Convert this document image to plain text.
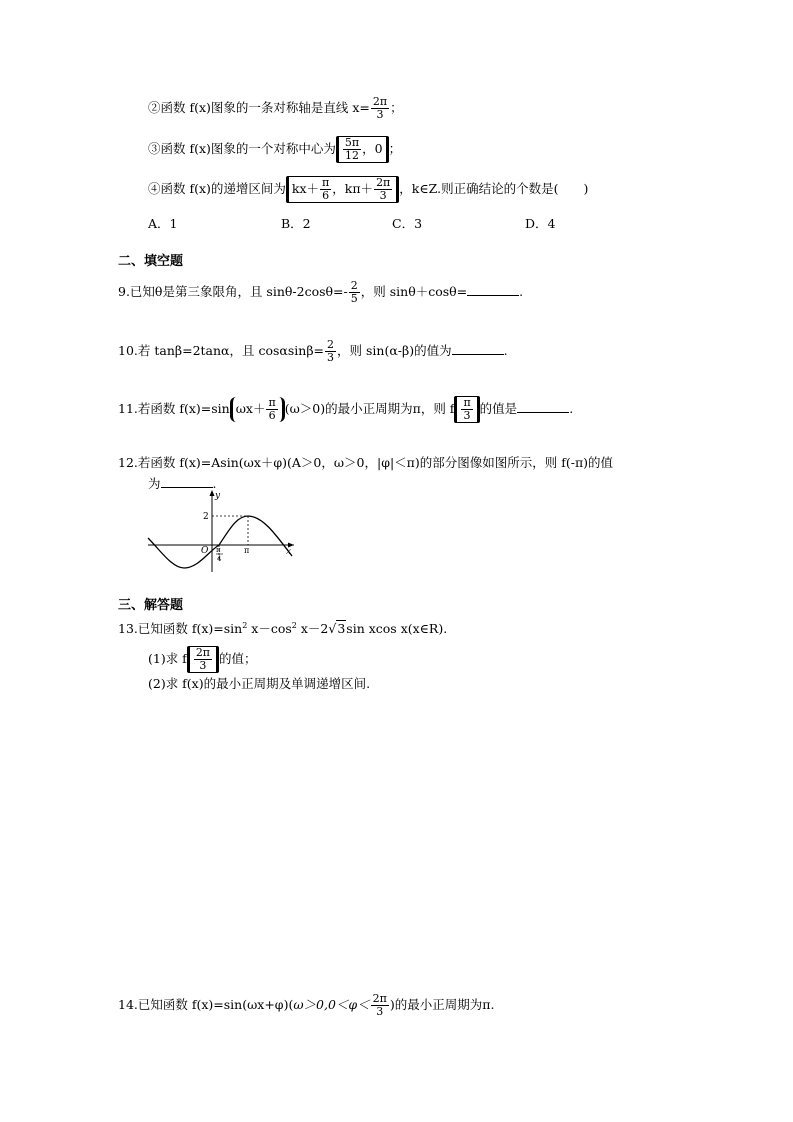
②函数 f(x)图象的一条对称轴是直线 $x= \frac{2\pi}{3}$ ；
③函数 f(x)图象的一个对称中心为 $\frac{5\pi}{12}$ ，0 ；
④函数 f(x)的递增区间为 $kx+ \frac{\pi}{6}$ ，$k\pi+ \frac{2\pi}{3}$ ，k∈Z.则正确结论的个数是(　　)
A．1	B．2	C．3	D．4
二、填空题
9.已知θ是第三象限角，且 $\sin\theta-2\cos\theta=- \frac{2}{5}$ ，则 sinθ＋cosθ=	.
10.若 tanβ=2tanα，且 $\cos\alpha\sin\beta= \frac{2}{3}$ ，则 sin(α-β)的值为	.
11.若函数 f(x)=sin $\omega x+ \frac{\pi}{6} (\omega>0)$的最小正周期为π，则 f $\frac{\pi}{3}$ 的值是	.
12.若函数 f(x)=Asin(ωx＋φ)(A＞0，ω＞0，|φ|＜π)的部分图像如图所示，则 f(-π)的值
为	.
y
x
O
2
π
4
π
三、解答题
13.已知函数 $f(x)=\sin^2$ $x-\cos^2$ x－2√3sin xcos x(x∈R).
(1)求 f $\frac{2\pi}{3}$ 的值；
(2)求 f(x)的最小正周期及单调递增区间.
14.已知函数 $f(x)=\sin(\omega x+\varphi)(\omega>0,0<\varphi< \frac{2\pi}{3}$ )的最小正周期为π.
